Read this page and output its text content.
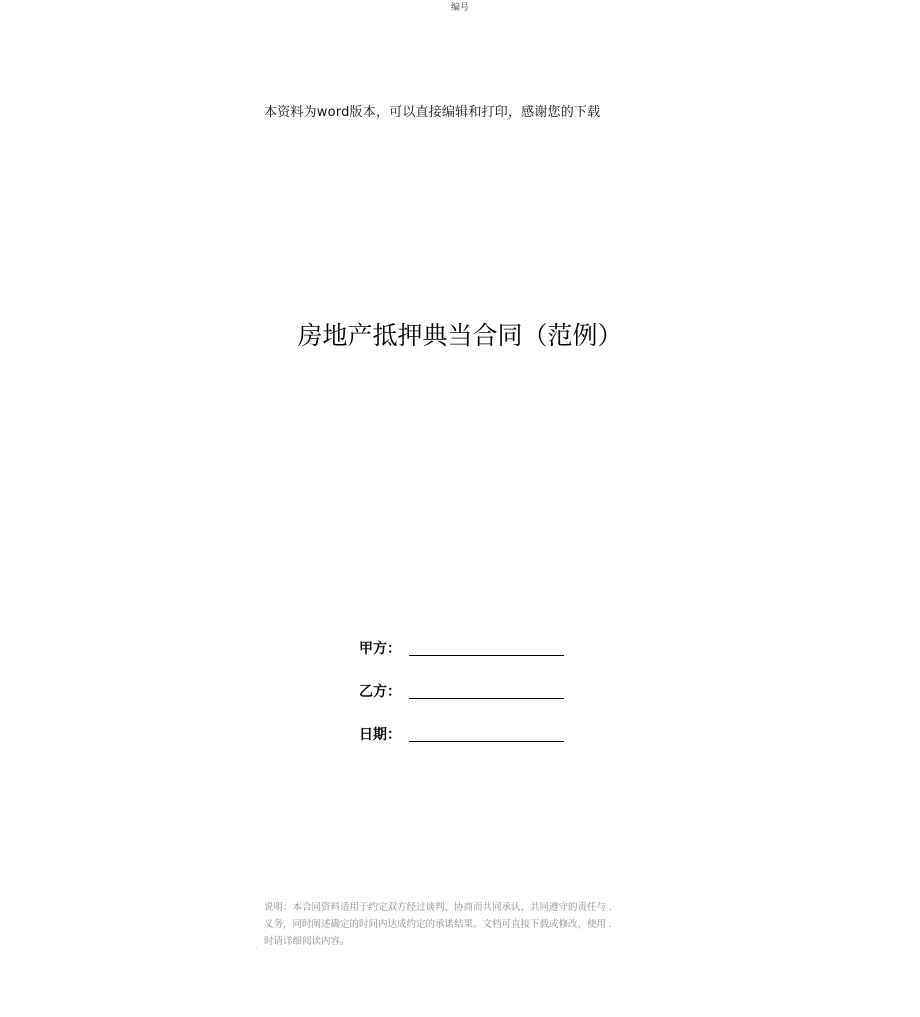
编号
本资料为word版本，可以直接编辑和打印，感谢您的下载
房地产抵押典当合同（范例）
甲方：
乙方：
日期：

说明：本合同资料适用于约定双方经过谈判、协商而共同承认、共同遵守的责任与 .

义务，同时阐述确定的时间内达成约定的承诺结果。文档可直接下载或修改，使用 .

时请详细阅读内容。

'
